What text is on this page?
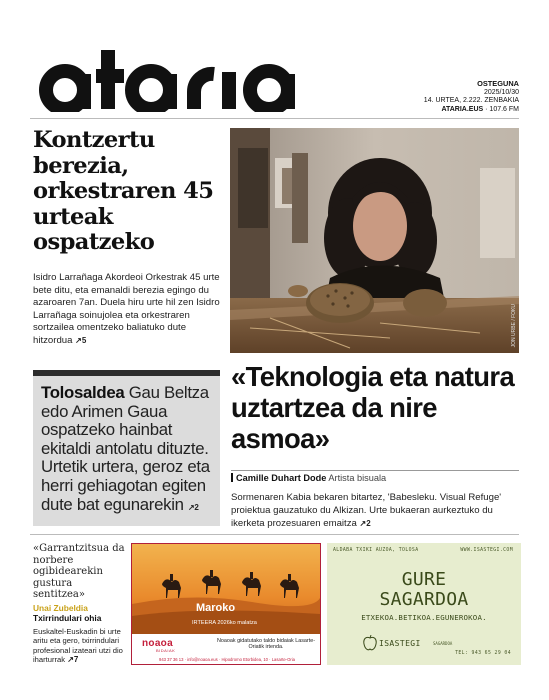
ataria
OSTEGUNA
2025/10/30
14. URTEA, 2.222. ZENBAKIA
ATARIA.EUS · 107.6 FM
Kontzertu berezia, orkestraren 45 urteak ospatzeko

Isidro Larrañaga Akordeoi Orkestrak 45 urte bete ditu, eta emanaldi berezia egingo du azaroaren 7an. Duela hiru urte hil zen Isidro Larrañaga soinujolea eta orkestraren sortzailea omentzeko baliatuko dute hitzordua ↗5	JON URBE / FOKU
Tolosaldea Gau Beltza edo Arimen Gaua ospatzeko hainbat ekitaldi antolatu dituzte. Urtetik urtera, geroz eta herri gehiagotan egiten dute bat egunarekin ↗2
«Teknologia eta natura uztartzea da nire asmoa»
Camille Duhart Dode Artista bisuala

Sormenaren Kabia bekaren bitartez, 'Babesleku. Visual Refuge' proiektua gauzatuko du Alkizan. Urte bukaeran aurkeztuko du ikerketa prozesuaren emaitza ↗2

«Garrantzitsua da norbere ogibidearekin gustura sentitzea»
Unai Zubeldia
Txirrindulari ohia
Euskaltel-Euskadin bi urte aritu eta gero, txirrindulari profesional izateari utzi dio iharturrak ↗7
Maroko
IRTEERA 2026ko malatza
noaoa
BIDAIAK
Noaoak gidatutako taldo bidaiak Lasarte-Oriatik irtenda.
943 37 36 13 · info@noaoa.eus · Hipodromo Etorbidea, 10 · Lasarte-Oria
ALDABA TXIKI AUZOA, TOLOSA	WWW.ISASTEGI.COM
GURE
SAGARDOA
ETXEKOA.BETIKOA.EGUNEROKOA.
ISASTEGI	SAGARDOA
TEL: 943 65 29 04
